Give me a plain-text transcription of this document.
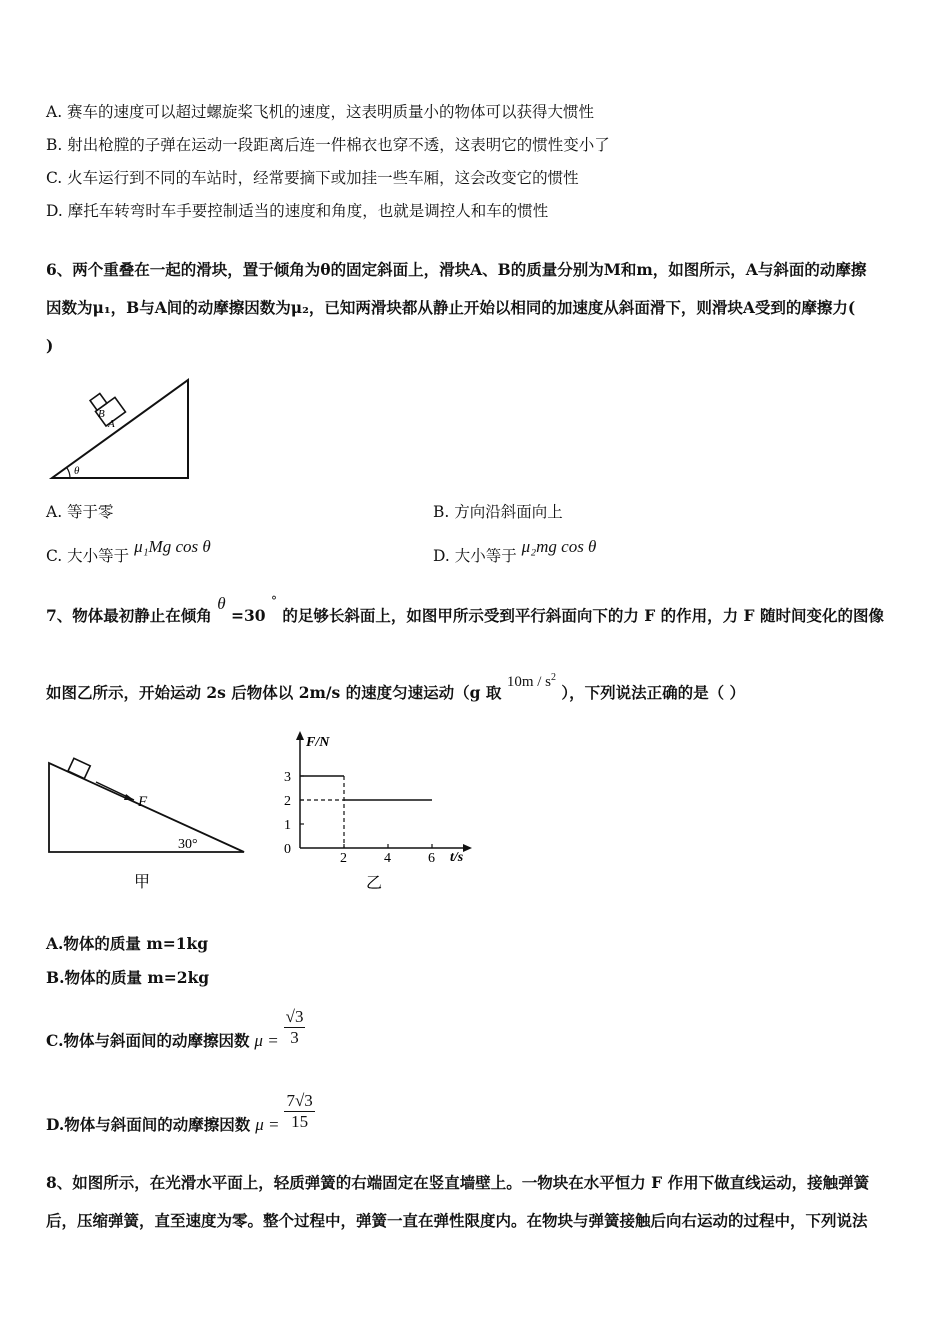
A. 赛车的速度可以超过螺旋桨飞机的速度，这表明质量小的物体可以获得大惯性
B. 射出枪膛的子弹在运动一段距离后连一件棉衣也穿不透，这表明它的惯性变小了
C. 火车运行到不同的车站时，经常要摘下或加挂一些车厢，这会改变它的惯性
D. 摩托车转弯时车手要控制适当的速度和角度，也就是调控人和车的惯性
6、两个重叠在一起的滑块，置于倾角为θ的固定斜面上，滑块A、B的质量分别为M和m，如图所示，A与斜面的动摩擦
因数为μ₁，B与A间的动摩擦因数为μ₂，已知两滑块都从静止开始以相同的加速度从斜面滑下，则滑块A受到的摩擦力(
)
B
A
θ
A. 等于零	B. 方向沿斜面向上
C. 大小等于 μ₁Mg cos θ	D. 大小等于 μ₂mg cos θ
7、物体最初静止在倾角 θ =30 ° 的足够长斜面上，如图甲所示受到平行斜面向下的力 F 的作用，力 F 随时间变化的图像
如图乙所示，开始运动 2s 后物体以 2m/s 的速度匀速运动（g 取 $10m / s^2$ ），下列说法正确的是（ ）
F
30°
甲
F/N
t/s
0
2	4	6
1
2
3
乙
A.物体的质量 m=1kg
B.物体的质量 m=2kg
C.物体与斜面间的动摩擦因数 $\mu = \frac{√3}{3}$
D.物体与斜面间的动摩擦因数 $\mu = \frac{7√3}{15}$
8、如图所示，在光滑水平面上，轻质弹簧的右端固定在竖直墙壁上。一物块在水平恒力 F 作用下做直线运动，接触弹簧
后，压缩弹簧，直至速度为零。整个过程中，弹簧一直在弹性限度内。在物块与弹簧接触后向右运动的过程中，下列说法
